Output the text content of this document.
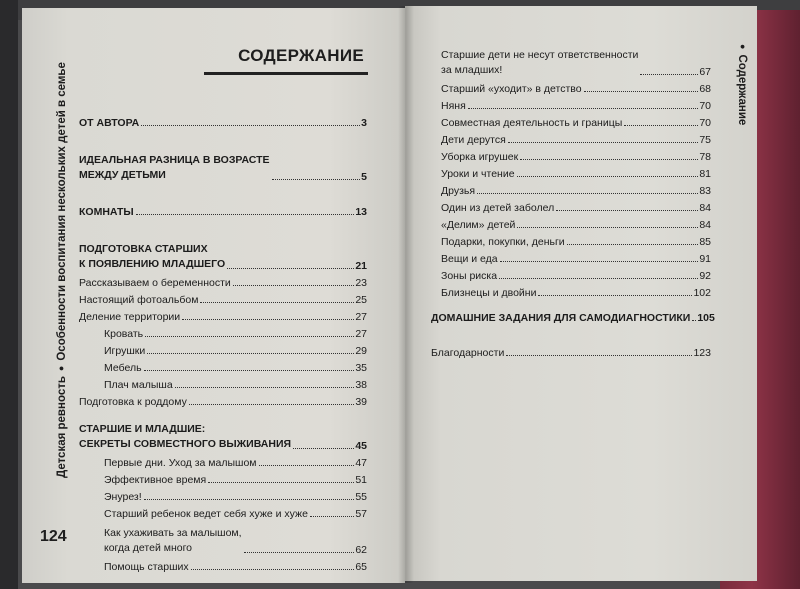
Детская ревность●Особенности воспитания нескольких детей в семье
●Содержание
124
СОДЕРЖАНИЕ
ОТ АВТОРА	3
ИДЕАЛЬНАЯ РАЗНИЦА В ВОЗРАСТЕ
МЕЖДУ ДЕТЬМИ	5
КОМНАТЫ	13
ПОДГОТОВКА СТАРШИХ
К ПОЯВЛЕНИЮ МЛАДШЕГО	21
Рассказываем о беременности	23
Настоящий фотоальбом	25
Деление территории	27
Кровать	27
Игрушки	29
Мебель	35
Плач малыша	38
Подготовка к роддому	39
СТАРШИЕ И МЛАДШИЕ:
СЕКРЕТЫ СОВМЕСТНОГО ВЫЖИВАНИЯ	45
Первые дни. Уход за малышом	47
Эффективное время	51
Энурез!	55
Старший ребенок ведет себя хуже и хуже	57
Как ухаживать за малышом,
когда детей много	62
Помощь старших	65
Старшие дети не несут ответственности
за младших!	67
Старший «уходит» в детство	68
Няня	70
Совместная деятельность и границы	70
Дети дерутся	75
Уборка игрушек	78
Уроки и чтение	81
Друзья	83
Один из детей заболел	84
«Делим» детей	84
Подарки, покупки, деньги	85
Вещи и еда	91
Зоны риска	92
Близнецы и двойни	102
ДОМАШНИЕ ЗАДАНИЯ ДЛЯ САМОДИАГНОСТИКИ 105
Благодарности	123
